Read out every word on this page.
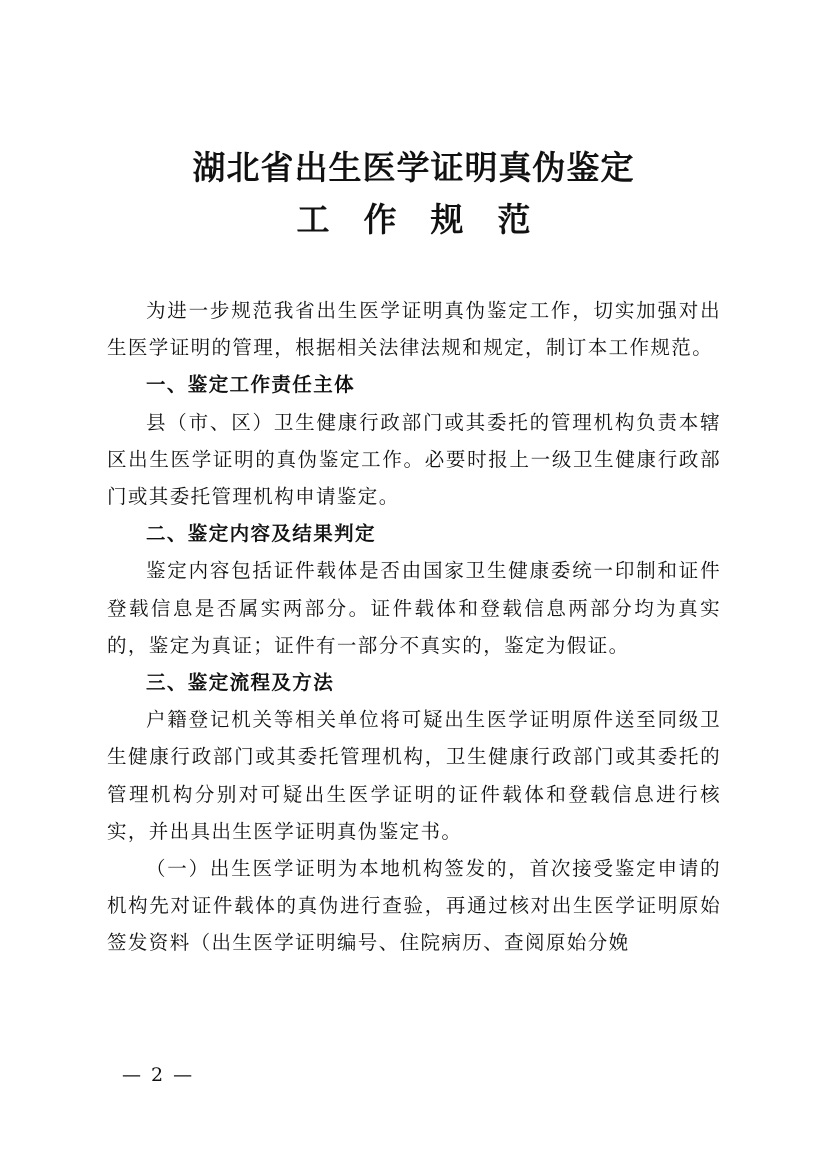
湖北省出生医学证明真伪鉴定
工作规范

为进一步规范我省出生医学证明真伪鉴定工作，切实加强对出生医学证明的管理，根据相关法律法规和规定，制订本工作规范。

一、鉴定工作责任主体

县（市、区）卫生健康行政部门或其委托的管理机构负责本辖区出生医学证明的真伪鉴定工作。必要时报上一级卫生健康行政部门或其委托管理机构申请鉴定。

二、鉴定内容及结果判定

鉴定内容包括证件载体是否由国家卫生健康委统一印制和证件登载信息是否属实两部分。证件载体和登载信息两部分均为真实的，鉴定为真证；证件有一部分不真实的，鉴定为假证。

三、鉴定流程及方法

户籍登记机关等相关单位将可疑出生医学证明原件送至同级卫生健康行政部门或其委托管理机构，卫生健康行政部门或其委托的管理机构分别对可疑出生医学证明的证件载体和登载信息进行核实，并出具出生医学证明真伪鉴定书。

（一）出生医学证明为本地机构签发的，首次接受鉴定申请的机构先对证件载体的真伪进行查验，再通过核对出生医学证明原始签发资料（出生医学证明编号、住院病历、查阅原始分娩

— 2 —
